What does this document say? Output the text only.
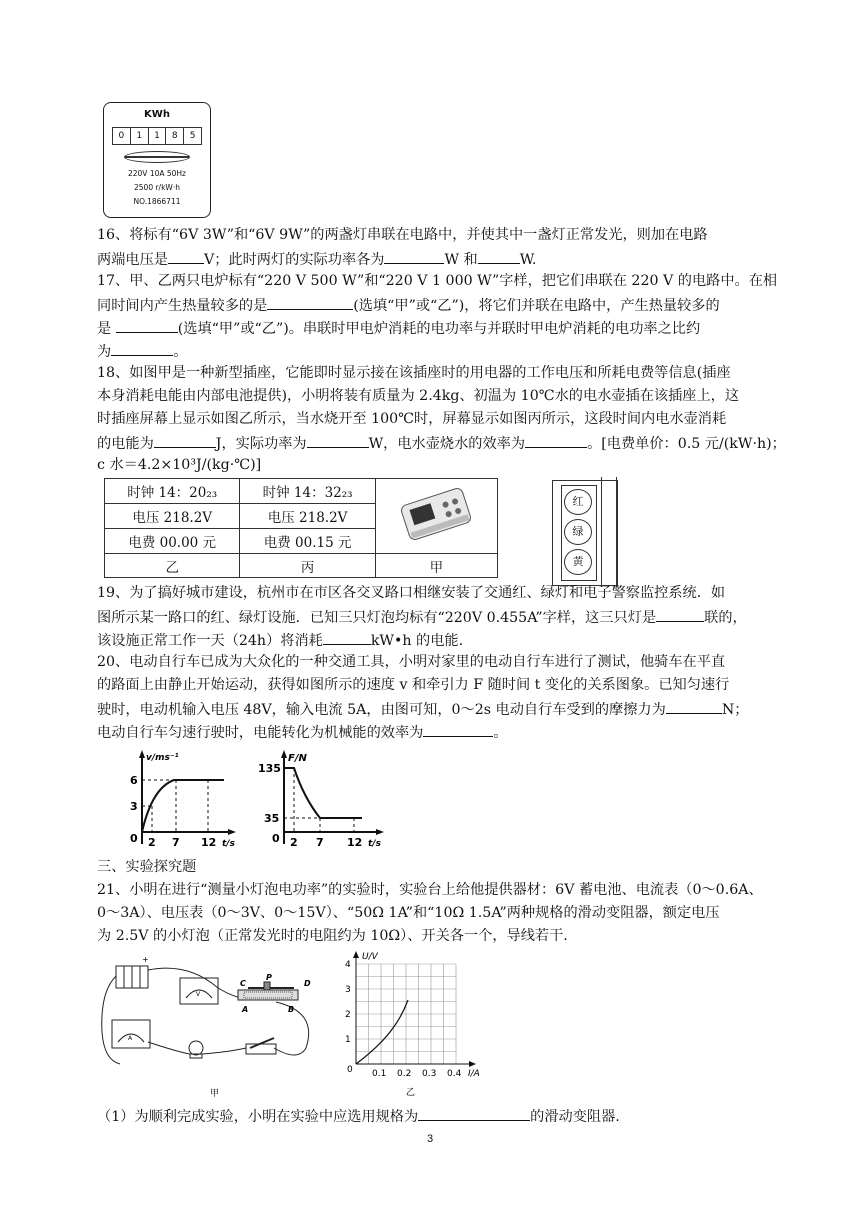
KWh
0	1	1	8	5
220V 10A 50Hz
2500 r/kW·h
NO.1866711
16、将标有“6V 3W”和“6V 9W”的两盏灯串联在电路中，并使其中一盏灯正常发光，则加在电路
两端电压是	V；此时两灯的实际功率各为	W 和	W.
17、甲、乙两只电炉标有“220 V 500 W”和“220 V 1 000 W”字样，把它们串联在 220 V 的电路中。在相
同时间内产生热量较多的是	(选填“甲”或“乙”)，将它们并联在电路中，产生热量较多的
是	(选填“甲”或“乙”)。串联时甲电炉消耗的电功率与并联时甲电炉消耗的电功率之比约
为	。
18、如图甲是一种新型插座，它能即时显示接在该插座时的用电器的工作电压和所耗电费等信息(插座
本身消耗电能由内部电池提供)，小明将装有质量为 2.4kg、初温为 10℃水的电水壶插在该插座上，这
时插座屏幕上显示如图乙所示，当水烧开至 100℃时，屏幕显示如图丙所示，这段时间内电水壶消耗
的电能为	J，实际功率为	W，电水壶烧水的效率为	。[电费单价：0.5 元/(kW·h)；
c 水＝4.2×10³J/(kg·℃)]
时钟 14：20₂₃	时钟 14：32₂₃	
电压 218.2V	电压 218.2V	
电费 00.00 元	电费 00.15 元	
乙	丙	甲
红
绿
黄
19、为了搞好城市建设，杭州市在市区各交叉路口相继安装了交通红、绿灯和电子警察监控系统．如
图所示某一路口的红、绿灯设施．已知三只灯泡均标有“220V 0.455A”字样，这三只灯是	联的，
该设施正常工作一天（24h）将消耗	kW•h 的电能.
20、电动自行车已成为大众化的一种交通工具，小明对家里的电动自行车进行了测试，他骑车在平直
的路面上由静止开始运动，获得如图所示的速度 v 和牵引力 F 随时间 t 变化的关系图象。已知匀速行
驶时，电动机输入电压 48V，输入电流 5A，由图可知，0～2s 电动自行车受到的摩擦力为	N；
电动自行车匀速行驶时，电能转化为机械能的效率为	。
v/ms⁻¹
6
3
0 2 7 12 t/s
F/N
135
35
0 2 7 12 t/s
三、实验探究题
21、小明在进行“测量小灯泡电功率”的实验时，实验台上给他提供器材：6V 蓄电池、电流表（0～0.6A、
0～3A）、电压表（0～3V、0～15V）、“50Ω 1A”和“10Ω 1.5A”两种规格的滑动变阻器，额定电压
为 2.5V 的小灯泡（正常发光时的电阻约为 10Ω）、开关各一个，导线若干.
+
V
A
C
P
D
A	B
甲
U/V
4
3
2
1
0 0.1 0.2 0.3 0.4 I/A
乙
（1）为顺利完成实验，小明在实验中应选用规格为	的滑动变阻器.
3
